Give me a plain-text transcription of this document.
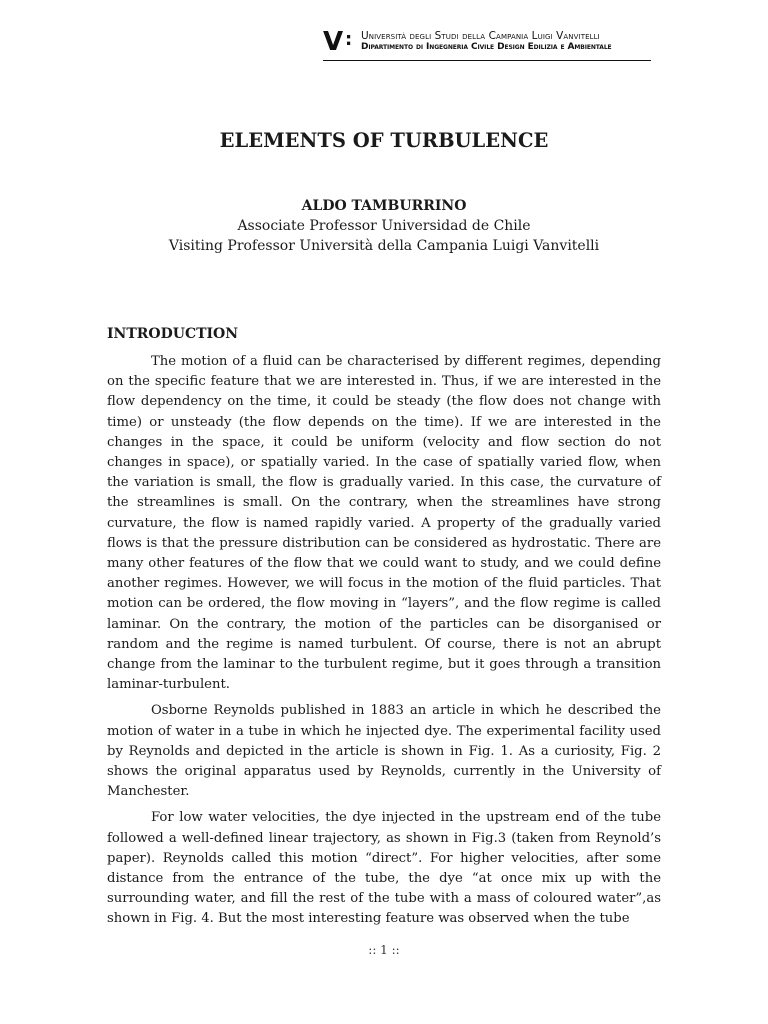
V : Università degli Studi della Campania Luigi Vanvitelli
Dipartimento di Ingegneria Civile Design Edilizia e Ambientale
ELEMENTS OF TURBULENCE
ALDO TAMBURRINO
Associate Professor Universidad de Chile
Visiting Professor Università della Campania Luigi Vanvitelli
INTRODUCTION

The motion of a fluid can be characterised by different regimes, depending on the specific feature that we are interested in. Thus, if we are interested in the flow dependency on the time, it could be steady (the flow does not change with time) or unsteady (the flow depends on the time). If we are interested in the changes in the space, it could be uniform (velocity and flow section do not changes in space), or spatially varied. In the case of spatially varied flow, when the variation is small, the flow is gradually varied. In this case, the curvature of the streamlines is small. On the contrary, when the streamlines have strong curvature, the flow is named rapidly varied. A property of the gradually varied flows is that the pressure distribution can be considered as hydrostatic. There are many other features of the flow that we could want to study, and we could define another regimes. However, we will focus in the motion of the fluid particles. That motion can be ordered, the flow moving in “layers”, and the flow regime is called laminar. On the contrary, the motion of the particles can be disorganised or random and the regime is named turbulent. Of course, there is not an abrupt change from the laminar to the turbulent regime, but it goes through a transition laminar-turbulent.

Osborne Reynolds published in 1883 an article in which he described the motion of water in a tube in which he injected dye. The experimental facility used by Reynolds and depicted in the article is shown in Fig. 1. As a curiosity, Fig. 2 shows the original apparatus used by Reynolds, currently in the University of Manchester.

For low water velocities, the dye injected in the upstream end of the tube followed a well-defined linear trajectory, as shown in Fig.3 (taken from Reynold’s paper). Reynolds called this motion “direct”. For higher velocities, after some distance from the entrance of the tube, the dye “at once mix up with the surrounding water, and fill the rest of the tube with a mass of coloured water”,as shown in Fig. 4. But the most interesting feature was observed when the tube

:: 1 ::
